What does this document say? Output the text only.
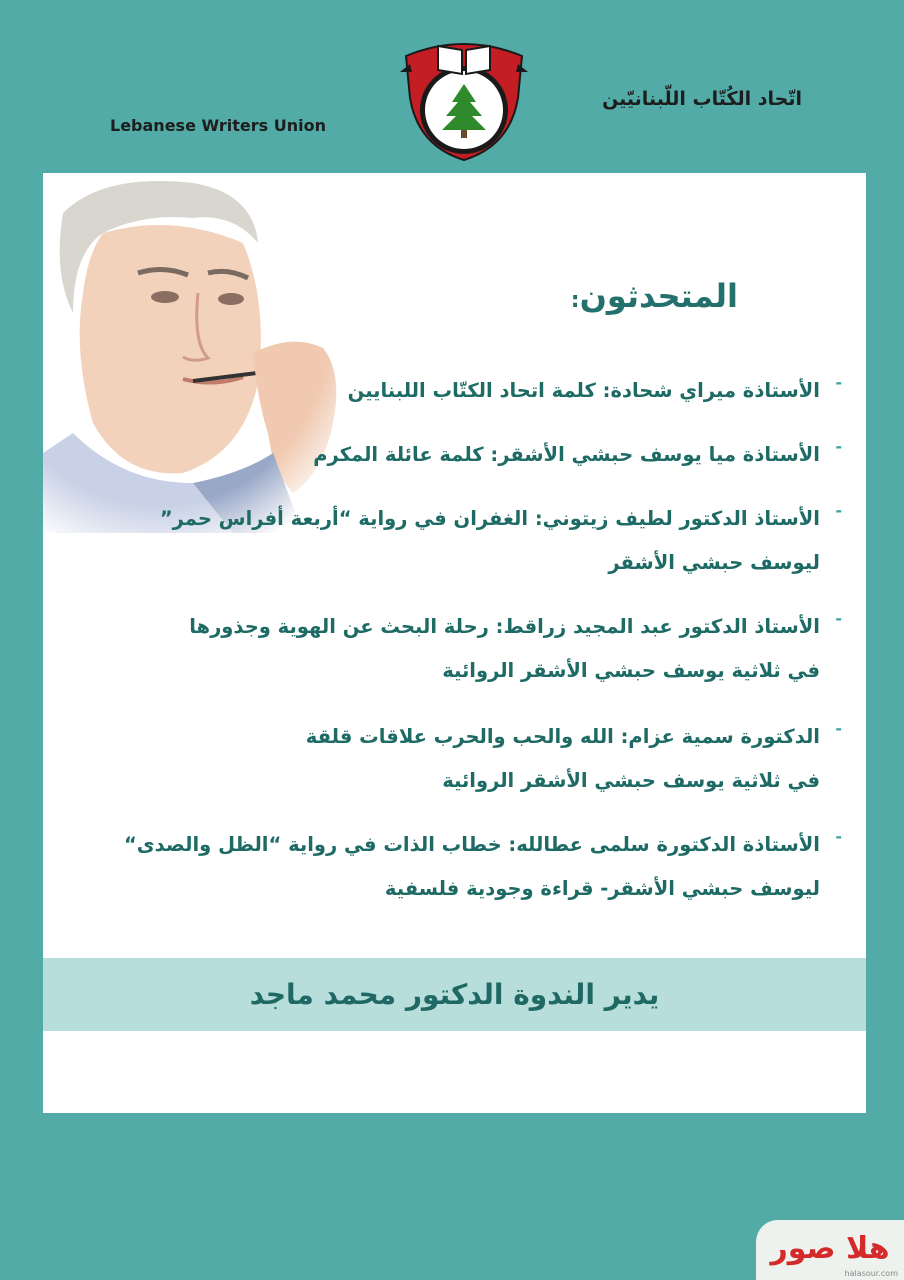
Lebanese Writers Union
اتّحاد الكُتّاب اللّبنانيّين
المتحدثون:
-
الأستاذة ميراي شحادة: كلمة اتحاد الكتّاب اللبنايين
-
الأستاذة ميا يوسف حبشي الأشقر: كلمة عائلة المكرم
-
الأستاذ الدكتور لطيف زيتوني: الغفران في رواية “أربعة أفراس حمر”
ليوسف حبشي الأشقر
-
الأستاذ الدكتور عبد المجيد زراقط: رحلة البحث عن الهوية وجذورها
في ثلاثية يوسف حبشي الأشقر الروائية
-
الدكتورة سمية عزام: الله والحب والحرب علاقات قلقة
في ثلاثية يوسف حبشي الأشقر الروائية
-
الأستاذة الدكتورة سلمى عطالله: خطاب الذات في رواية “الظل والصدى“
ليوسف حبشي الأشقر- قراءة وجودية فلسفية
يدير الندوة الدكتور محمد ماجد
هلا صور
halasour.com
